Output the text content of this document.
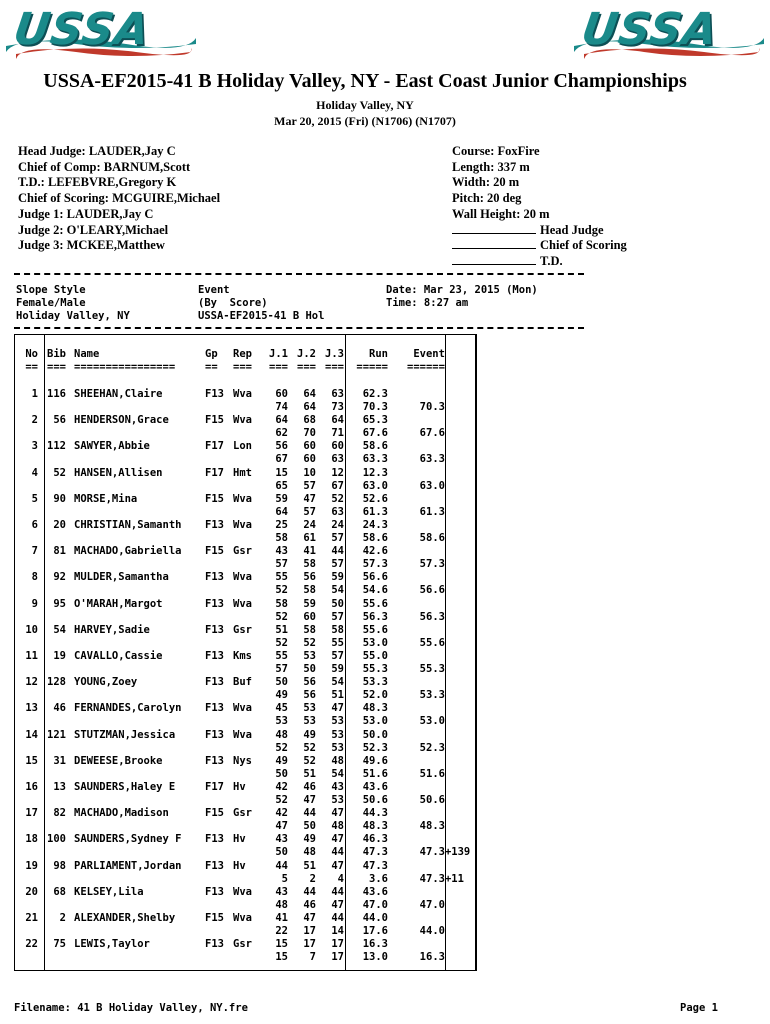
USSA	USSA
USSA-EF2015-41 B Holiday Valley, NY - East Coast Junior Championships
Holiday Valley, NY
Mar 20, 2015 (Fri) (N1706) (N1707)
Head Judge: LAUDER,Jay C
Chief of Comp: BARNUM,Scott
T.D.: LEFEBVRE,Gregory K
Chief of Scoring: MCGUIRE,Michael
Judge 1: LAUDER,Jay C
Judge 2: O'LEARY,Michael
Judge 3: MCKEE,Matthew
Course: FoxFire
Length: 337 m
Width: 20 m
Pitch: 20 deg
Wall Height: 20 m
Head Judge
Chief of Scoring
T.D.
Slope Style	Event	Date: Mar 23, 2015 (Mon)
Female/Male	(By  Score)	Time: 8:27 am
Holiday Valley, NY	USSA-EF2015-41 B Hol
No Bib Name	Gp Rep	J.1 J.2 J.3	Run Event
== === ================	== ===	=== === ===	===== ======
1 116 SHEEHAN,Claire	F13 Wva	60	64	63	62.3
74	64	73	70.3	70.3
2	56 HENDERSON,Grace	F15 Wva	64	68	64	65.3
62	70	71	67.6	67.6
3 112 SAWYER,Abbie	F17 Lon	56	60	60	58.6
67	60	63	63.3	63.3
4	52 HANSEN,Allisen	F17 Hmt	15	10	12	12.3
65	57	67	63.0	63.0
5	90 MORSE,Mina	F15 Wva	59	47	52	52.6
64	57	63	61.3	61.3
6	20 CHRISTIAN,Samanth F13 Wva	25	24	24	24.3
58	61	57	58.6	58.6
7	81 MACHADO,Gabriella F15 Gsr	43	41	44	42.6
57	58	57	57.3	57.3
8	92 MULDER,Samantha	F13 Wva	55	56	59	56.6
52	58	54	54.6	56.6
9	95 O'MARAH,Margot	F13 Wva	58	59	50	55.6
52	60	57	56.3	56.3
10	54 HARVEY,Sadie	F13 Gsr	51	58	58	55.6
52	52	55	53.0	55.6
11	19 CAVALLO,Cassie	F13 Kms	55	53	57	55.0
57	50	59	55.3	55.3
12 128 YOUNG,Zoey	F13 Buf	50	56	54	53.3
49	56	51	52.0	53.3
13	46 FERNANDES,Carolyn F13 Wva	45	53	47	48.3
53	53	53	53.0	53.0
14 121 STUTZMAN,Jessica	F13 Wva	48	49	53	50.0
52	52	53	52.3	52.3
15	31 DEWEESE,Brooke	F13 Nys	49	52	48	49.6
50	51	54	51.6	51.6
16	13 SAUNDERS,Haley E	F17 Hv	42	46	43	43.6
52	47	53	50.6	50.6
17	82 MACHADO,Madison	F15 Gsr	42	44	47	44.3
47	50	48	48.3	48.3
18 100 SAUNDERS,Sydney F F13 Hv	43	49	47	46.3
50	48	44	47.3	47.3+139
19	98 PARLIAMENT,Jordan F13 Hv	44	51	47	47.3
5	2	4	3.6	47.3+11
20	68 KELSEY,Lila	F13 Wva	43	44	44	43.6
48	46	47	47.0	47.0
21	2 ALEXANDER,Shelby	F15 Wva	41	47	44	44.0
22	17	14	17.6	44.0
22	75 LEWIS,Taylor	F13 Gsr	15	17	17	16.3
15	7	17	13.0	16.3
Filename: 41 B Holiday Valley, NY.fre	Page 1
